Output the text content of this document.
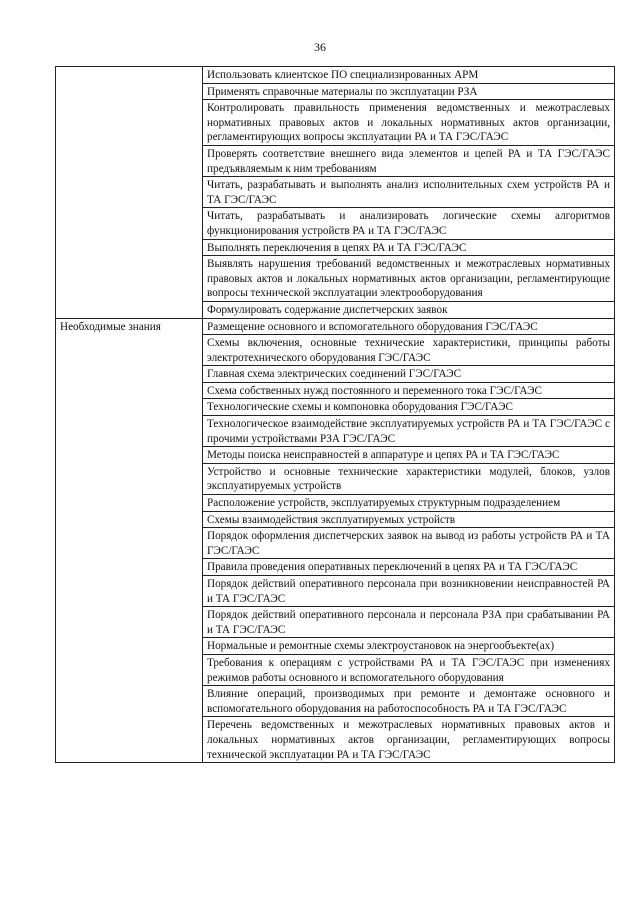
36
	Использовать клиентское ПО специализированных АРМ
	Применять справочные материалы по эксплуатации РЗА
	Контролировать правильность применения ведомственных и межотраслевых нормативных правовых актов и локальных нормативных актов организации, регламентирующих вопросы эксплуатации РА и ТА ГЭС/ГАЭС
	Проверять соответствие внешнего вида элементов и цепей РА и ТА ГЭС/ГАЭС предъявляемым к ним требованиям
	Читать, разрабатывать и выполнять анализ исполнительных схем устройств РА и ТА ГЭС/ГАЭС
	Читать, разрабатывать и анализировать логические схемы алгоритмов функционирования устройств РА и ТА ГЭС/ГАЭС
	Выполнять переключения в цепях РА и ТА ГЭС/ГАЭС
	Выявлять нарушения требований ведомственных и межотраслевых нормативных правовых актов и локальных нормативных актов организации, регламентирующие вопросы технической эксплуатации электрооборудования
	Формулировать содержание диспетчерских заявок
Необходимые знания	Размещение основного и вспомогательного оборудования ГЭС/ГАЭС
	Схемы включения, основные технические характеристики, принципы работы электротехнического оборудования ГЭС/ГАЭС
	Главная схема электрических соединений ГЭС/ГАЭС
	Схема собственных нужд постоянного и переменного тока ГЭС/ГАЭС
	Технологические схемы и компоновка оборудования ГЭС/ГАЭС
	Технологическое взаимодействие эксплуатируемых устройств РА и ТА ГЭС/ГАЭС с прочими устройствами РЗА ГЭС/ГАЭС
	Методы поиска неисправностей в аппаратуре и цепях РА и ТА ГЭС/ГАЭС
	Устройство и основные технические характеристики модулей, блоков, узлов эксплуатируемых устройств
	Расположение устройств, эксплуатируемых структурным подразделением
	Схемы взаимодействия эксплуатируемых устройств
	Порядок оформления диспетчерских заявок на вывод из работы устройств РА и ТА ГЭС/ГАЭС
	Правила проведения оперативных переключений в цепях РА и ТА ГЭС/ГАЭС
	Порядок действий оперативного персонала при возникновении неисправностей РА и ТА ГЭС/ГАЭС
	Порядок действий оперативного персонала и персонала РЗА при срабатывании РА и ТА ГЭС/ГАЭС
	Нормальные и ремонтные схемы электроустановок на энергообъекте(ах)
	Требования к операциям с устройствами РА и ТА ГЭС/ГАЭС при изменениях режимов работы основного и вспомогательного оборудования
	Влияние операций, производимых при ремонте и демонтаже основного и вспомогательного оборудования на работоспособность РА и ТА ГЭС/ГАЭС
	Перечень ведомственных и межотраслевых нормативных правовых актов и локальных нормативных актов организации, регламентирующих вопросы технической эксплуатации РА и ТА ГЭС/ГАЭС
